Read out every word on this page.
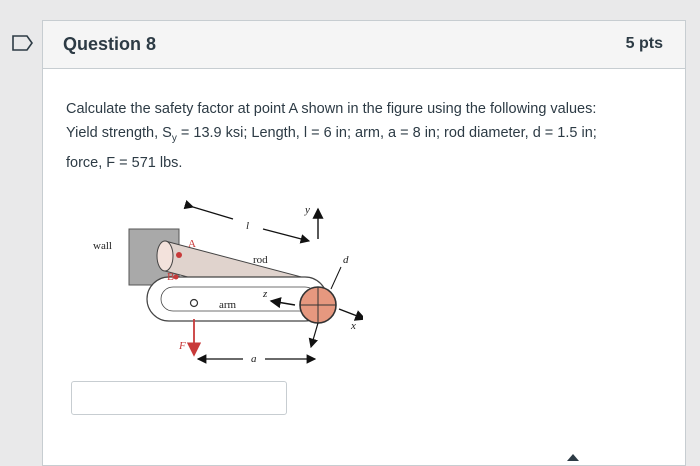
Question 8	5 pts

Calculate the safety factor at point A shown in the figure using the following values:

Yield strength, $S_y = 13.9$ ksi; Length, l = 6 in; arm, a = 8 in; rod diameter, d = 1.5 in;

force, F = 571 lbs.

wall
rod
arm
A
B
F
l
a
y
x
z
d
